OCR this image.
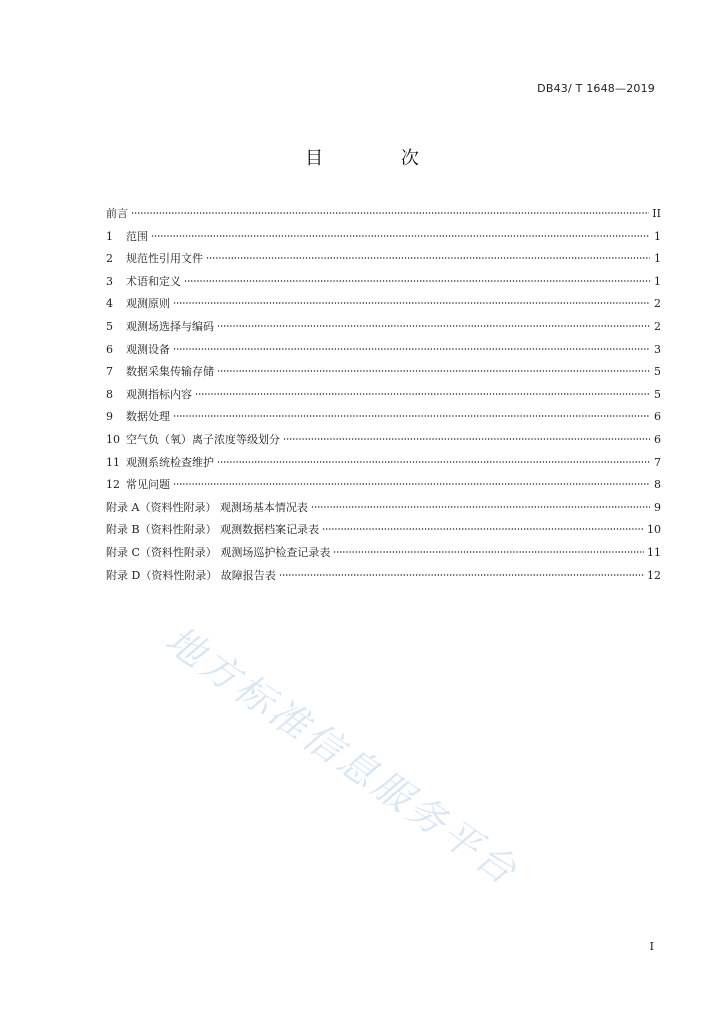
DB43/ T 1648—2019
目 次
前言	II
1	范围	1
2	规范性引用文件	1
3	术语和定义	1
4	观测原则	2
5	观测场选择与编码	2
6	观测设备	3
7	数据采集传输存储	5
8	观测指标内容	5
9	数据处理	6
10 空气负（氧）离子浓度等级划分	6
11 观测系统检查维护	7
12 常见问题	8
附录 A（资料性附录） 观测场基本情况表	9
附录 B（资料性附录） 观测数据档案记录表	10
附录 C（资料性附录） 观测场巡护检查记录表	11
附录 D（资料性附录） 故障报告表	12
地方标准信息服务平台
I
